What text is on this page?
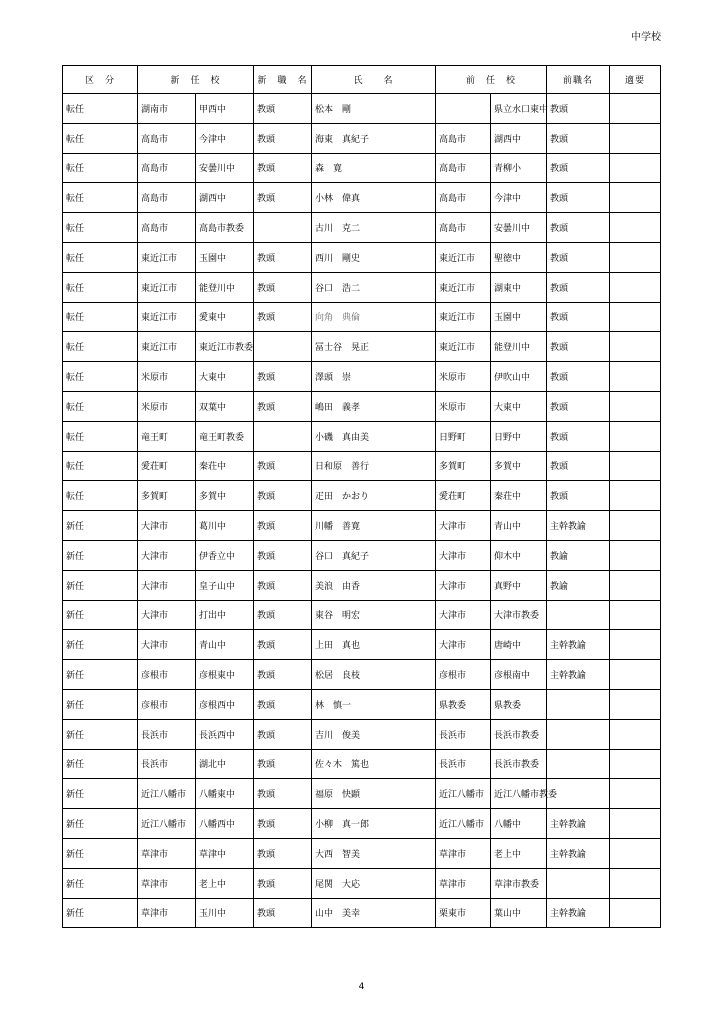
中学校
区　分	新　任　校		新　職　名	氏　　名	前　任　校		前職名	適要
転任	湖南市	甲西中	教頭	松本　剛		県立水口東中	教頭	
転任	高島市	今津中	教頭	海東　真紀子	高島市	湖西中	教頭	
転任	高島市	安曇川中	教頭	森　寛	高島市	青柳小	教頭	
転任	高島市	湖西中	教頭	小林　偉真	高島市	今津中	教頭	
転任	高島市	高島市教委		古川　克二	高島市	安曇川中	教頭	
転任	東近江市	玉園中	教頭	西川　剛史	東近江市	聖徳中	教頭	
転任	東近江市	能登川中	教頭	谷口　浩二	東近江市	湖東中	教頭	
転任	東近江市	愛東中	教頭	向角　典倫	東近江市	玉園中	教頭	
転任	東近江市	東近江市教委		冨士谷　晃正	東近江市	能登川中	教頭	
転任	米原市	大東中	教頭	澤頭　崇	米原市	伊吹山中	教頭	
転任	米原市	双葉中	教頭	嶋田　義孝	米原市	大東中	教頭	
転任	竜王町	竜王町教委		小磯　真由美	日野町	日野中	教頭	
転任	愛荘町	秦荘中	教頭	日和原　善行	多賀町	多賀中	教頭	
転任	多賀町	多賀中	教頭	疋田　かおり	愛荘町	秦荘中	教頭	
新任	大津市	葛川中	教頭	川幡　善寛	大津市	青山中	主幹教諭	
新任	大津市	伊香立中	教頭	谷口　真紀子	大津市	仰木中	教諭	
新任	大津市	皇子山中	教頭	美浪　由香	大津市	真野中	教諭	
新任	大津市	打出中	教頭	東谷　明宏	大津市	大津市教委		
新任	大津市	青山中	教頭	上田　真也	大津市	唐崎中	主幹教諭	
新任	彦根市	彦根東中	教頭	松居　良枝	彦根市	彦根南中	主幹教諭	
新任	彦根市	彦根西中	教頭	林　慎一	県教委	県教委		
新任	長浜市	長浜西中	教頭	吉川　俊美	長浜市	長浜市教委		
新任	長浜市	湖北中	教頭	佐々木　篤也	長浜市	長浜市教委		
新任	近江八幡市	八幡東中	教頭	福原　快顕	近江八幡市	近江八幡市教委		
新任	近江八幡市	八幡西中	教頭	小柳　真一郎	近江八幡市	八幡中	主幹教諭	
新任	草津市	草津中	教頭	大西　智美	草津市	老上中	主幹教諭	
新任	草津市	老上中	教頭	尾関　大応	草津市	草津市教委		
新任	草津市	玉川中	教頭	山中　美幸	栗東市	葉山中	主幹教諭	
4
